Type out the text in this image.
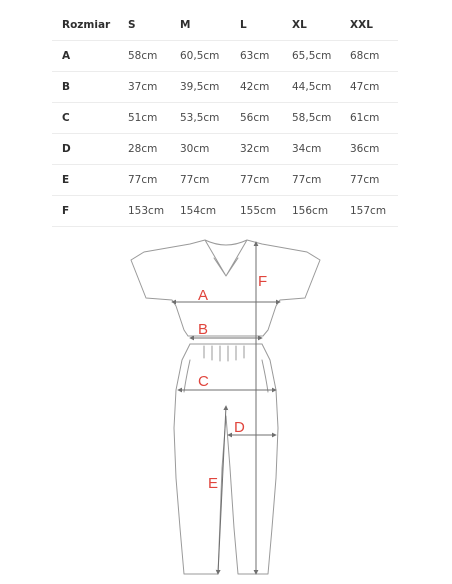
Rozmiar	S	M	L	XL	XXL
A	58cm	60,5cm	63cm	65,5cm	68cm
B	37cm	39,5cm	42cm	44,5cm	47cm
C	51cm	53,5cm	56cm	58,5cm	61cm
D	28cm	30cm	32cm	34cm	36cm
E	77cm	77cm	77cm	77cm	77cm
F	153cm	154cm	155cm	156cm	157cm
F
A
B
C
D
E
